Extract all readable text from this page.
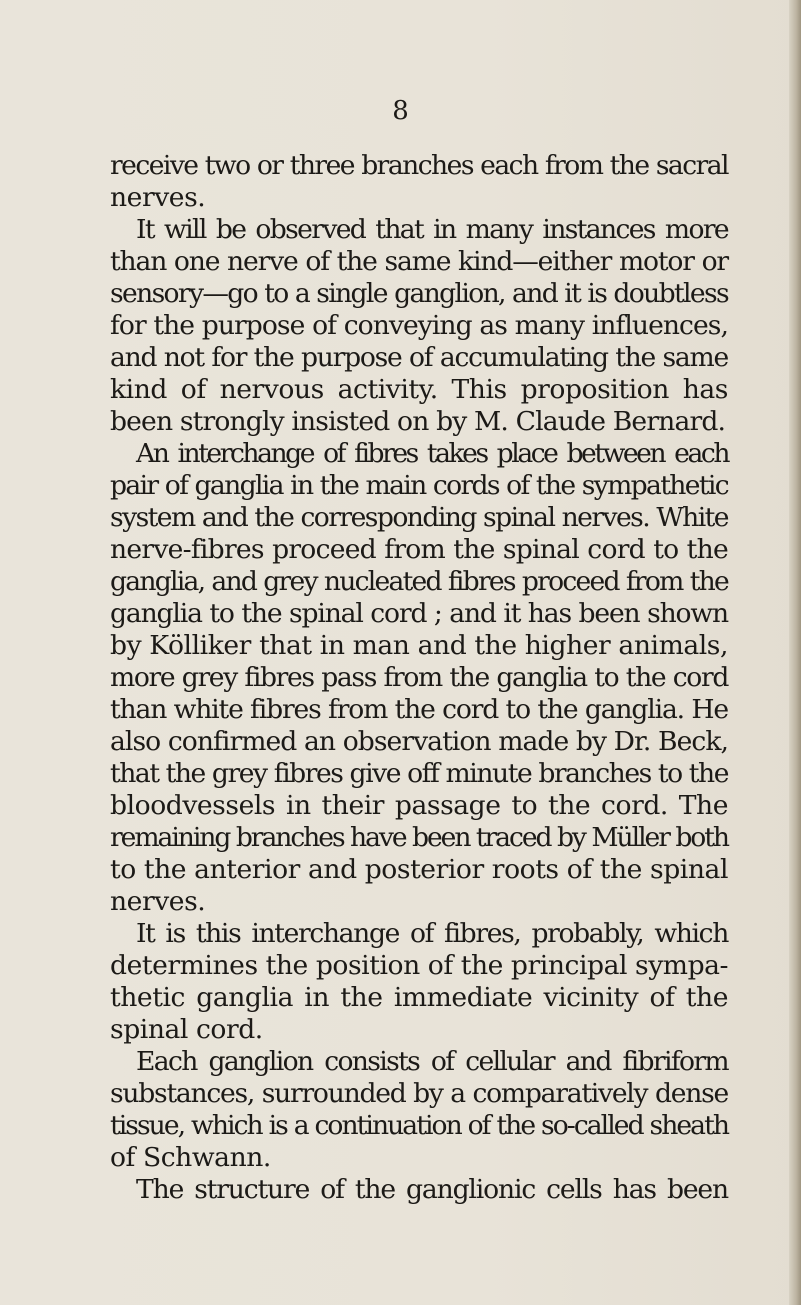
8
receive two or three branches each from the sacral
nerves.
It will be observed that in many instances more
than one nerve of the same kind—either motor or
sensory—go to a single ganglion, and it is doubtless
for the purpose of conveying as many influences,
and not for the purpose of accumulating the same
kind of nervous activity. This proposition has
been strongly insisted on by M. Claude Bernard.
An interchange of fibres takes place between each
pair of ganglia in the main cords of the sympathetic
system and the corresponding spinal nerves. White
nerve-fibres proceed from the spinal cord to the
ganglia, and grey nucleated fibres proceed from the
ganglia to the spinal cord ; and it has been shown
by Kölliker that in man and the higher animals,
more grey fibres pass from the ganglia to the cord
than white fibres from the cord to the ganglia. He
also confirmed an observation made by Dr. Beck,
that the grey fibres give off minute branches to the
bloodvessels in their passage to the cord. The
remaining branches have been traced by Müller both
to the anterior and posterior roots of the spinal
nerves.
It is this interchange of fibres, probably, which
determines the position of the principal sympa-
thetic ganglia in the immediate vicinity of the
spinal cord.
Each ganglion consists of cellular and fibriform
substances, surrounded by a comparatively dense
tissue, which is a continuation of the so-called sheath
of Schwann.
The structure of the ganglionic cells has been
